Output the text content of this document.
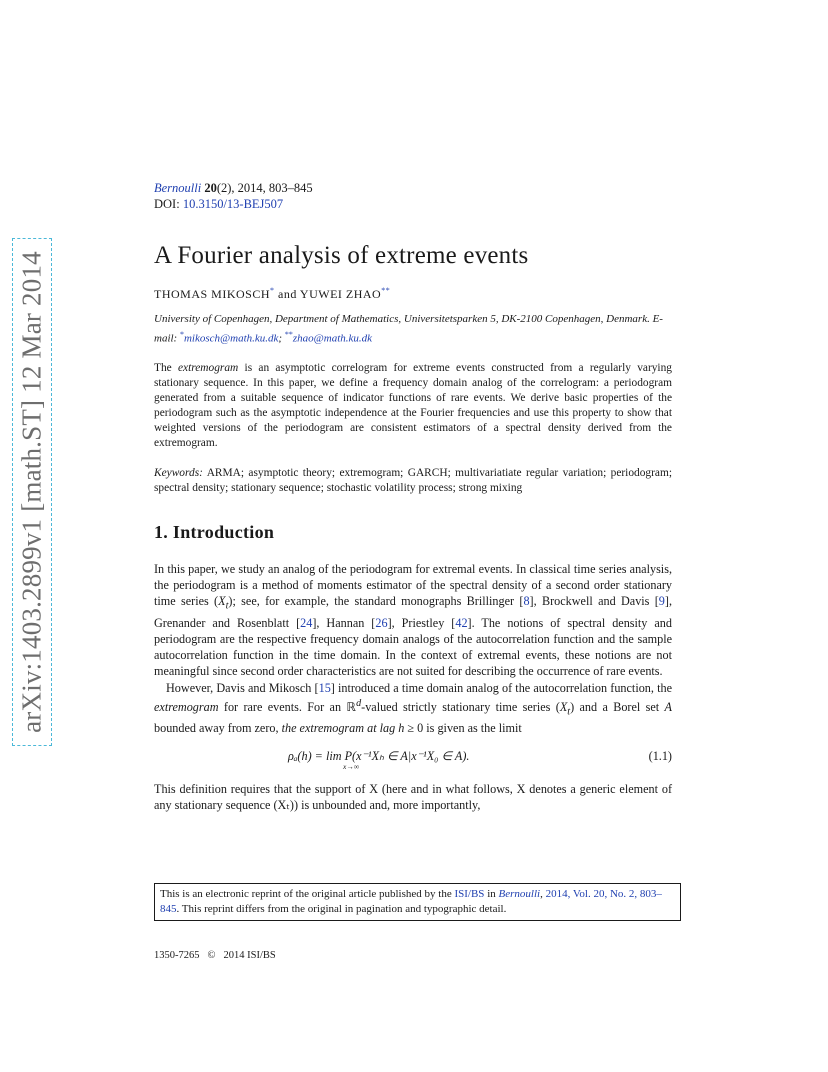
arXiv:1403.2899v1 [math.ST] 12 Mar 2014
Bernoulli 20(2), 2014, 803–845
DOI: 10.3150/13-BEJ507
A Fourier analysis of extreme events
THOMAS MIKOSCH* and YUWEI ZHAO**
University of Copenhagen, Department of Mathematics, Universitetsparken 5, DK-2100 Copenhagen, Denmark. E-mail: *mikosch@math.ku.dk; **zhao@math.ku.dk
The extremogram is an asymptotic correlogram for extreme events constructed from a regularly varying stationary sequence. In this paper, we define a frequency domain analog of the correlogram: a periodogram generated from a suitable sequence of indicator functions of rare events. We derive basic properties of the periodogram such as the asymptotic independence at the Fourier frequencies and use this property to show that weighted versions of the periodogram are consistent estimators of a spectral density derived from the extremogram.
Keywords: ARMA; asymptotic theory; extremogram; GARCH; multivariatiate regular variation; periodogram; spectral density; stationary sequence; stochastic volatility process; strong mixing
1. Introduction

In this paper, we study an analog of the periodogram for extremal events. In classical time series analysis, the periodogram is a method of moments estimator of the spectral density of a second order stationary time series $(X_t)$; see, for example, the standard monographs Brillinger [8], Brockwell and Davis [9], Grenander and Rosenblatt [24], Hannan [26], Priestley [42]. The notions of spectral density and periodogram are the respective frequency domain analogs of the autocorrelation function and the sample autocorrelation function in the time domain. In the context of extremal events, these notions are not meaningful since second order characteristics are not suited for describing the occurrence of rare events.

However, Davis and Mikosch [15] introduced a time domain analog of the autocorrelation function, the extremogram for rare events. For an ℝ$^d$-valued strictly stationary time series $(X_t)$ and a Borel set A bounded away from zero, the extremogram at lag h ≥ 0 is given as the limit

ρₐ(h) = lim P(x⁻¹Xₕ ∈ A|x⁻¹X₀ ∈ A).
x→∞
(1.1)

This definition requires that the support of X (here and in what follows, X denotes a generic element of any stationary sequence (Xₜ)) is unbounded and, more importantly,

This is an electronic reprint of the original article published by the ISI/BS in Bernoulli, 2014, Vol. 20, No. 2, 803–845. This reprint differs from the original in pagination and typographic detail.
1350-7265 © 2014 ISI/BS
